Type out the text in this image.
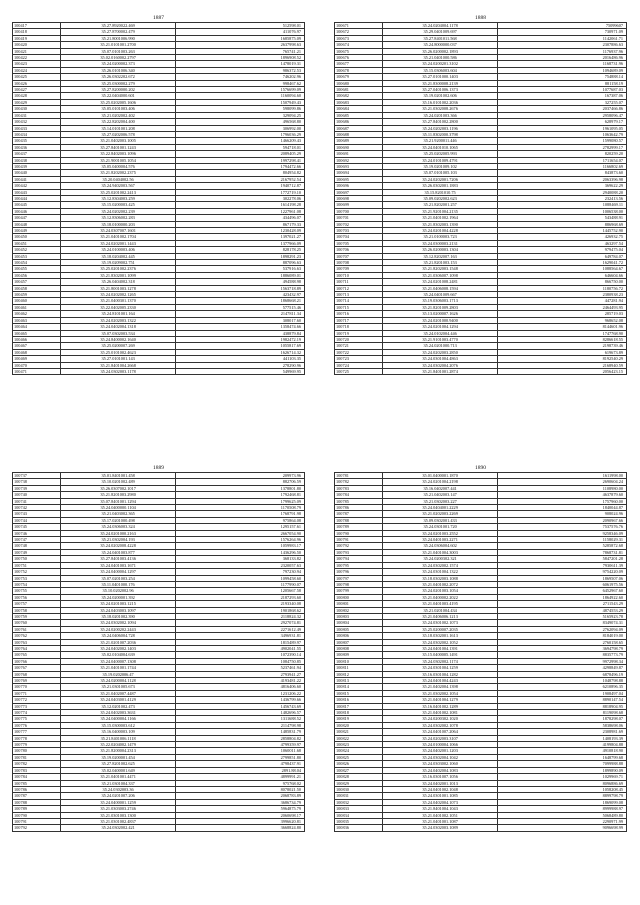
1887
100417	35.27.8920022.469	512598.01
100418	35.27.8700002.479	411076.97
100419	35.21.8001006.990	1685875.09
100420	35.21.0101001.2700	2637998.63
100421	35.07.0101003.263	765741.21
100422	35.02.0160002.2797	1896908.52
100423	35.24.0200002.373	1478019.31
100424	35.26.0101006.340	986372.53
100425	35.26.0302202.672	746202.96
100426	35.25.0300002.279	998467.62
100427	35.27.8200000.202	1576699.09
100428	35.22.0404000.601	1160094.60
100429	35.25.0202005.1606	1507949.43
100430	35.05.0101003.406	598099.86
100431	35.21.0202002.402	329094.25
100432	35.22.8202004.400	496568.80
100433	35.14.0101001.208	306992.00
100434	35.27.0202006.578	1796036.29
100435	35.21.0402003.1005	1466209.43
100436	35.27.8401001.1243	594718.01
100437	35.22.8402003.1096	2089405.29
100438	35.21.9001005.1054	1997298.41
100439	35.05.0400004.576	1794472.66
100440	35.21.8202002.2375	804954.82
100441	35.20.0404002.56	2167952.54
100442	35.24.9402003.567	1940712.87
100443	35.25.0201002.2413	1772719.10
100444	35.12.8304003.259	302278.06
100445	35.15.0200003.425	1614198.28
100446	35.24.0202002.239	1227961.08
100447	35.12.8306002.283	434496.07
100448	35.18.0100000.203	867179.33
100449	35.24.0307007.1601	1230428.09
100450	35.21.0401002.1704	1397021.27
100451	35.24.0202001.1443	1377966.09
100452	35.24.0100003.406	828178.25
100453	35.18.0204002.445	1898291.23
100454	35.19.0209002.751	887096.63
100455	35.25.0201002.2376	537916.63
100456	35.21.8302001.1099	1886089.01
100457	35.26.0404002.318	494588.98
100458	35.21.8001003.1278	1563718.89
100459	35.24.0202002.1265	423432.97
100460	35.21.0400301.1370	1868668.21
100461	35.22.0402005.2330	577515.46
100462	35.24.8101001.164	2147811.34
100463	35.24.0202003.1322	308017.60
100464	35.24.0402004.1318	1358474.66
100465	35.07.0302003.534	438879.84
100466	35.24.8400002.1640	1982472.19
100467	35.25.0200007.269	1055817.69
100468	35.25.0101002.4623	1626714.32
100469	35.27.0101001.143	441103.35
100470	35.21.8401004.2668	278290.96
100471	35.24.0302003.1178	549969.95
1888
100671	35.24.0204004.1178	75099607
100672	35.29.0401009.697	730971.09
100673	35.27.8401011.568	1142061.71
100674	35.24.8000000.037	2307886.63
100675	35.26.0200002.1893	1176937.96
100676	35.21.0401000.586	2016486.96
100677	35.24.0200201.3102	1168731.96
100678	35.15.0306003.604	1094689.09
100679	35.27.0101000.1403	754888.14
100680	35.21.8300008.2139	881158.19
100681	35.27.0401006.1373	1077687.03
100682	35.19.0201002.606	167387.06
100683	35.16.0101002.2036	327255.07
100684	35.21.0302008.2676	2037466.86
100685	35.24.0201003.366	2958096.47
100686	35.27.8401002.2800	628979.17
100687	35.24.0202003.1196	1961095.05
100688	35.11.8302000.3798	1063642.79
100689	35.21.9200011.446	1599080.57
100690	35.24.0401010.1065	2782999.17
100691	35.25.0202005.993	820259.20
100692	35.24.0101009.4791	1711654.07
100693	35.19.0201009.102	1166802.69
100694	35.07.0101005.103	843873.60
100695	35.24.0202001.7206	2063396.98
100696	35.26.0302001.1883	369622.29
100697	35.15.8201010.75	2940088.20
100698	35.09.0202002.623	232413.56
100699	35.21.8202001.257	1088469.11
100700	35.21.9201004.2135	1006538.00
100701	35.21.0401002.1964	543488.91
100702	35.21.8302003.1390	886968.69
100703	35.24.0201004.4228	1445752.90
100704	35.21.0100003.723	426932.75
100705	35.24.0300003.2131	463297.54
100706	35.26.0200003.1304	979475.04
100707	35.12.8202007.163	649784.07
100708	35.21.8201003.153	1629041.72
100709	35.21.8202003.1548	1088564.67
100710	35.21.0306007.1098	646604.66
100711	35.24.0201008.2481	866750.00
100712	35.21.0406008.1594	1180756.72
100713	35.24.0401009.667	2380938.23
100714	35.19.0306003.1713	447281.94
100715	35.21.8201009.2803	2464493.95
100716	35.13.0200007.1626	285719.03
100717	35.24.0201000.9400	968652.08
100718	35.24.0201004.1294	8144601.96
100719	35.24.0102004.446	1747768.90
100720	35.21.9101003.4770	8286618.55
100721	35.24.0201000.713	2198739.46
100722	35.24.0202003.2850	619673.89
100723	35.24.0301004.4863	8192540.29
100724	35.24.0302004.2076	2168940.59
100725	35.21.8401001.2874	2056423.15
1889
100737	35.01.8401001.458	209973.96
100738	35.10.0201002.489	882706.59
100739	35.26.0307002.1017	1378801.80
100740	35.21.8201003.2980	1792468.81
100741	35.07.8401001.1294	1799625.09
100742	35.24.0400000.1104	1170508.79
100743	35.21.0403002.365	1768791.98
100744	35.17.0201000.498	975864.08
100745	35.24.0306003.324	1295157.61
100746	35.24.0201000.2163	2667054.90
100747	35.21.0302004.193	1576264.96
100748	35.24.0202008.4228	1059983.17
100749	35.24.0401003.877	1436296.50
100750	35.27.8401003.4136	368133.82
100751	35.24.0401003.1671	2320057.63
100752	35.24.0400004.1297	797230.94
100753	35.07.0201003.254	1099458.60
100754	35.11.0401000.176	1177990.07
100755	35.10.0202002.96	1205667.58
100756	35.24.0200001.392	2187293.60
100757	35.24.0201003.1215	2193340.08
100758	35.24.0403003.1097	1901868.62
100759	35.18.0201002.390	2118824.32
100760	35.24.0302002.1094	2927074.81
100761	35.24.0200202.2443	2271612.49
100762	35.24.0406004.728	3496931.81
100763	35.21.0201007.2036	1815489.97
100764	35.24.0402002.1403	4902041.55
100765	35.02.0104004.639	1072390.14
100766	35.24.0400007.1308	1084750.85
100767	35.21.0401001.1744	5237461.94
100768	35.19.0202006.47	2793941.27
100769	35.24.0200004.1128	4193481.22
100770	35.21.0301005.673	4816406.60
100771	35.21.0402007.4487	1231206.22
100772	35.24.0403001.4129	1436799.66
100773	35.12.0201002.473	1456743.69
100774	35.24.0402003.3631	1482696.57
100775	35.24.0400004.1166	1311688.52
100776	35.15.0300003.612	2114798.98
100777	35.16.0400003.109	1485831.79
100778	35.21.8401006.1118	2858804.82
100779	35.22.0204002.1479	4799359.97
100780	35.21.8200004.2313	1060011.68
100781	35.19.0200001.454	2799851.80
100782	35.27.8201002.625	4798437.91
100783	35.02.0400001.649	2891.88.04
100784	35.21.0401001.4471	4899991.21
100785	35.21.0301004.337	975768.02
100786	35.24.0302003.36	8078021.50
100787	35.24.0201007.206	2068783.89
100788	35.24.0400001.1259	3686734.79
100789	35.21.0303003.2746	5964875.79
100790	35.21.0301003.1300	2060698.17
100791	35.21.0301002.4837	3996620.81
100792	35.24.0302002.421	3668824.80
1890
100781	35.01.0400001.1870	1611998.00
100782	35.24.0201004.2198	2690604.24
100783	35.16.0402007.441	1108980.00
100784	35.21.0402003.147	4637879.60
100785	35.21.0302003.227	1757960.00
100786	35.24.0404001.2229	1840044.87
100787	35.21.0202003.2269	908024.96
100788	35.09.0302001.433	2090967.66
100789	35.24.0301001.720	7537576.76
100790	35.24.0201003.2552	9258346.09
100791	35.24.0401003.2271	1158029.31
100792	35.24.0306004.602	5285872.68
100793	35.21.0401004.3003	7868731.81
100794	35.24.0200302.321	5847201.28
100795	35.24.0302002.1574	7930611.39
100796	35.24.0301004.1322	9754220.09
100797	35.18.0302003.1088	1869507.06
100798	35.21.0401002.2072	6061975.56
100799	35.24.0201003.1054	6452967.60
100800	35.21.0400002.2022	1864922.60
100801	35.21.0401003.4195	2711543.29
100802	35.21.0201004.434	4874553.29
100803	35.21.0406006.1213	5165923.78
100804	35.24.0301002.1073	8349074.31
100805	35.25.0200007.2035	2762094.09
100806	35.18.0302001.1613	8184019.00
100807	35.24.0302002.1052	2760158.65
100808	35.24.0401004.1391	3694798.79
100809	35.15.0400005.1491	8835773.79
100810	35.24.0302002.1174	9972998.34
100811	35.24.0301004.1259	4298849.87
100812	35.16.0301004.1282	6878496.19
100813	35.24.0401004.4243	1048798.88
100814	35.21.0402004.1398	6210896.35
100815	35.21.0302002.1054	1908497.04
100816	35.21.0401004.1279	8890147.54
100817	35.16.0401002.1289	8818904.95
100818	35.21.0401002.1081	8119098.68
100819	35.24.0200302.1020	1878298.07
100820	35.24.0302002.1078	5838698.06
100821	35.24.0401007.2064	2308981.69
100822	35.24.0202003.3107	1408193.39
100823	35.24.0100004.1066	4199804.88
100824	35.24.0402001.1203	4910818.90
100825	35.24.0302004.1042	1648799.68
100826	35.24.0303002.1060	7099988.88
100827	35.24.0402004.1083	1899890.09
100828	35.16.0301007.1056	1029969.71
100829	35.24.0402001.1013	8096886.69
100830	35.24.0401002.1048	1058208.45
100831	35.24.0301001.1085	8899798.79
100832	35.24.0402004.1073	1869099.08
100833	35.21.8401004.1043	8999988.97
100834	35.21.0401002.1051	5068489.80
100835	35.21.0401001.1087	2290971.99
100836	35.24.0302003.1089	9096698.99
